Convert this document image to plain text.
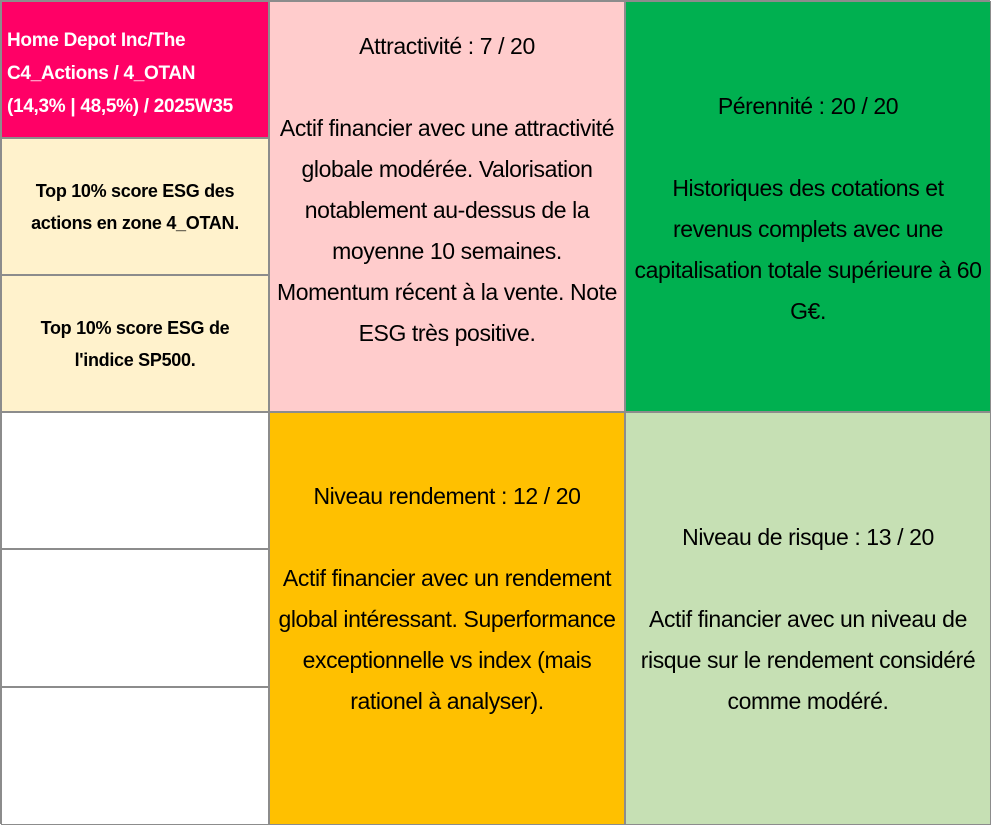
Home Depot Inc/The
C4_Actions / 4_OTAN
(14,3% | 48,5%) / 2025W35
Top 10% score ESG des actions en zone 4_OTAN.
Top 10% score ESG de l'indice SP500.
Attractivité : 7 / 20
Actif financier avec une attractivité globale modérée. Valorisation notablement au-dessus de la moyenne 10 semaines. Momentum récent à la vente. Note ESG très positive.
Pérennité : 20 / 20
Historiques des cotations et revenus complets avec une capitalisation totale supérieure à 60 G€.
Niveau rendement : 12 / 20
Actif financier avec un rendement global intéressant. Superformance exceptionnelle vs index (mais rationel à analyser).
Niveau de risque : 13 / 20
Actif financier avec un niveau de risque sur le rendement considéré comme modéré.
